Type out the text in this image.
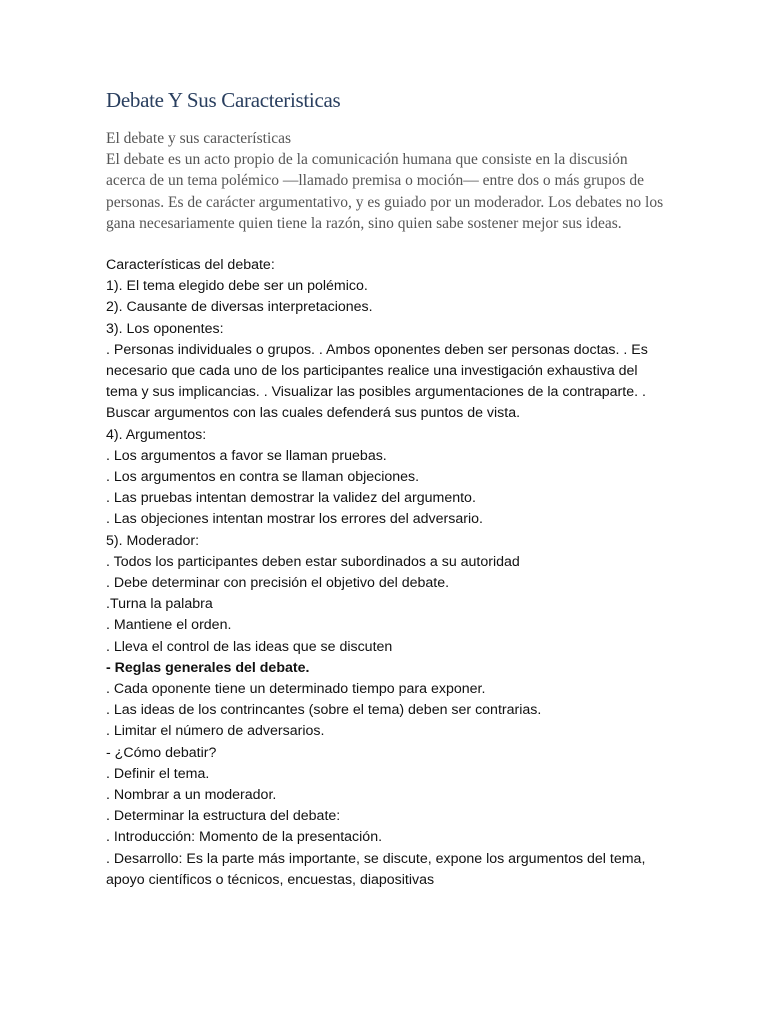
Debate Y Sus Caracteristicas

El debate y sus características

El debate es un acto propio de la comunicación humana que consiste en la discusión acerca de un tema polémico —llamado premisa o moción— entre dos o más grupos de personas. Es de carácter argumentativo, y es guiado por un moderador. Los debates no los gana necesariamente quien tiene la razón, sino quien sabe sostener mejor sus ideas.

Características del debate:

1). El tema elegido debe ser un polémico.

2). Causante de diversas interpretaciones.

3). Los oponentes:

. Personas individuales o grupos. . Ambos oponentes deben ser personas doctas. . Es necesario que cada uno de los participantes realice una investigación exhaustiva del tema y sus implicancias. . Visualizar las posibles argumentaciones de la contraparte. . Buscar argumentos con las cuales defenderá sus puntos de vista.

4). Argumentos:

. Los argumentos a favor se llaman pruebas.

. Los argumentos en contra se llaman objeciones.

. Las pruebas intentan demostrar la validez del argumento.

. Las objeciones intentan mostrar los errores del adversario.

5). Moderador:

. Todos los participantes deben estar subordinados a su autoridad

. Debe determinar con precisión el objetivo del debate.

.Turna la palabra

. Mantiene el orden.

. Lleva el control de las ideas que se discuten

- Reglas generales del debate.

. Cada oponente tiene un determinado tiempo para exponer.

. Las ideas de los contrincantes (sobre el tema) deben ser contrarias.

. Limitar el número de adversarios.

- ¿Cómo debatir?

. Definir el tema.

. Nombrar a un moderador.

. Determinar la estructura del debate:

. Introducción: Momento de la presentación.

. Desarrollo: Es la parte más importante, se discute, expone los argumentos del tema, apoyo científicos o técnicos, encuestas, diapositivas
